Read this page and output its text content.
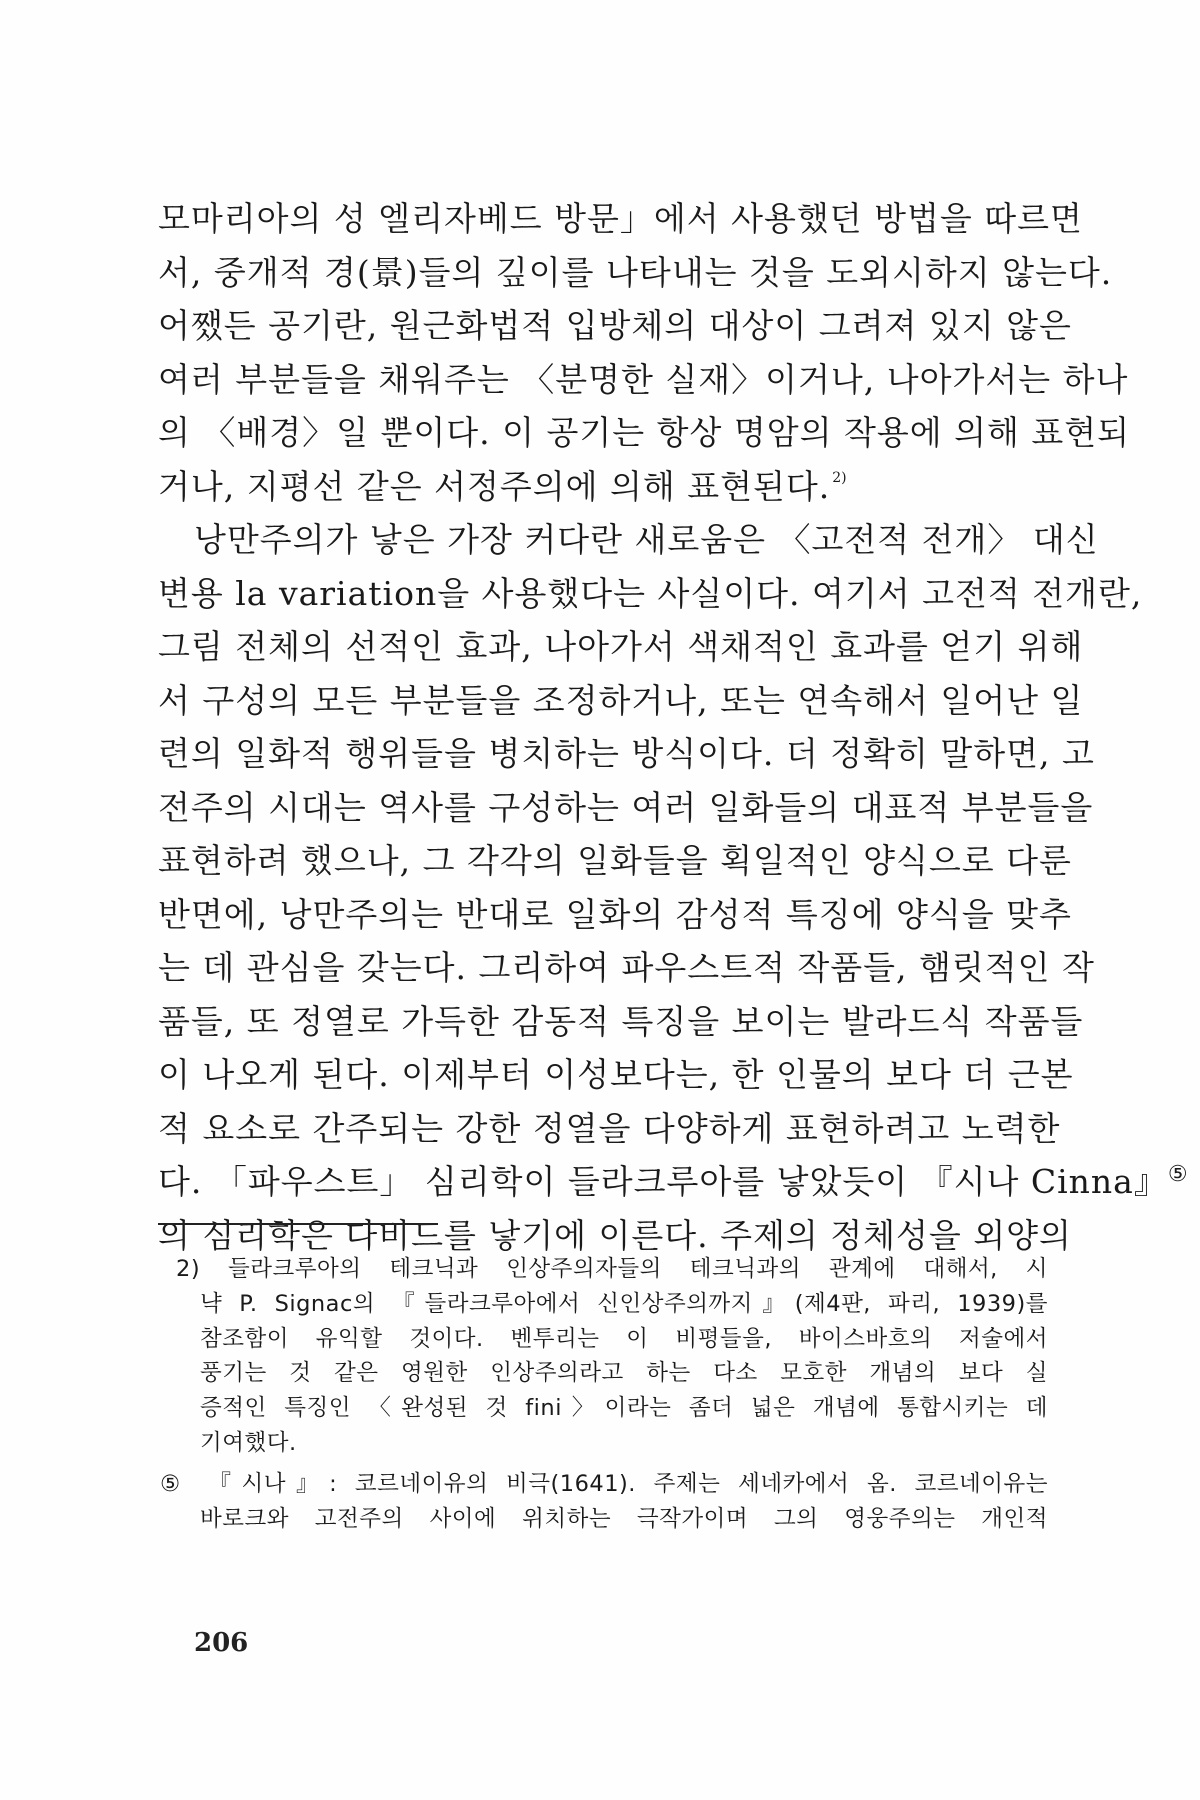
모마리아의 성 엘리자베드 방문」에서 사용했던 방법을 따르면
서, 중개적 경(景)들의 깊이를 나타내는 것을 도외시하지 않는다.
어쨌든 공기란, 원근화법적 입방체의 대상이 그려져 있지 않은
여러 부분들을 채워주는 〈분명한 실재〉이거나, 나아가서는 하나
의 〈배경〉일 뿐이다. 이 공기는 항상 명암의 작용에 의해 표현되
거나, 지평선 같은 서정주의에 의해 표현된다. $^{2)}$
낭만주의가 낳은 가장 커다란 새로움은 〈고전적 전개〉 대신
변용 la variation을 사용했다는 사실이다. 여기서 고전적 전개란,
그림 전체의 선적인 효과, 나아가서 색채적인 효과를 얻기 위해
서 구성의 모든 부분들을 조정하거나, 또는 연속해서 일어난 일
련의 일화적 행위들을 병치하는 방식이다. 더 정확히 말하면, 고
전주의 시대는 역사를 구성하는 여러 일화들의 대표적 부분들을
표현하려 했으나, 그 각각의 일화들을 획일적인 양식으로 다룬
반면에, 낭만주의는 반대로 일화의 감성적 특징에 양식을 맞추
는 데 관심을 갖는다. 그리하여 파우스트적 작품들, 햄릿적인 작
품들, 또 정열로 가득한 감동적 특징을 보이는 발라드식 작품들
이 나오게 된다. 이제부터 이성보다는, 한 인물의 보다 더 근본
적 요소로 간주되는 강한 정열을 다양하게 표현하려고 노력한
다. 「파우스트」 심리학이 들라크루아를 낳았듯이 『시나 Cinna』⑤
의 심리학은 다비드를 낳기에 이른다. 주제의 정체성을 외양의
2) 들라크루아의 테크닉과 인상주의자들의 테크닉과의 관계에 대해서, 시
냑 P. Signac의 『들라크루아에서 신인상주의까지』(제4판, 파리, 1939)를
참조함이 유익할 것이다. 벤투리는 이 비평들을, 바이스바흐의 저술에서
풍기는 것 같은 영원한 인상주의라고 하는 다소 모호한 개념의 보다 실
증적인 특징인 〈완성된 것 fini〉이라는 좀더 넓은 개념에 통합시키는 데
기여했다.
⑤ 『시나』: 코르네이유의 비극(1641). 주제는 세네카에서 옴. 코르네이유는
바로크와 고전주의 사이에 위치하는 극작가이며 그의 영웅주의는 개인적
206
